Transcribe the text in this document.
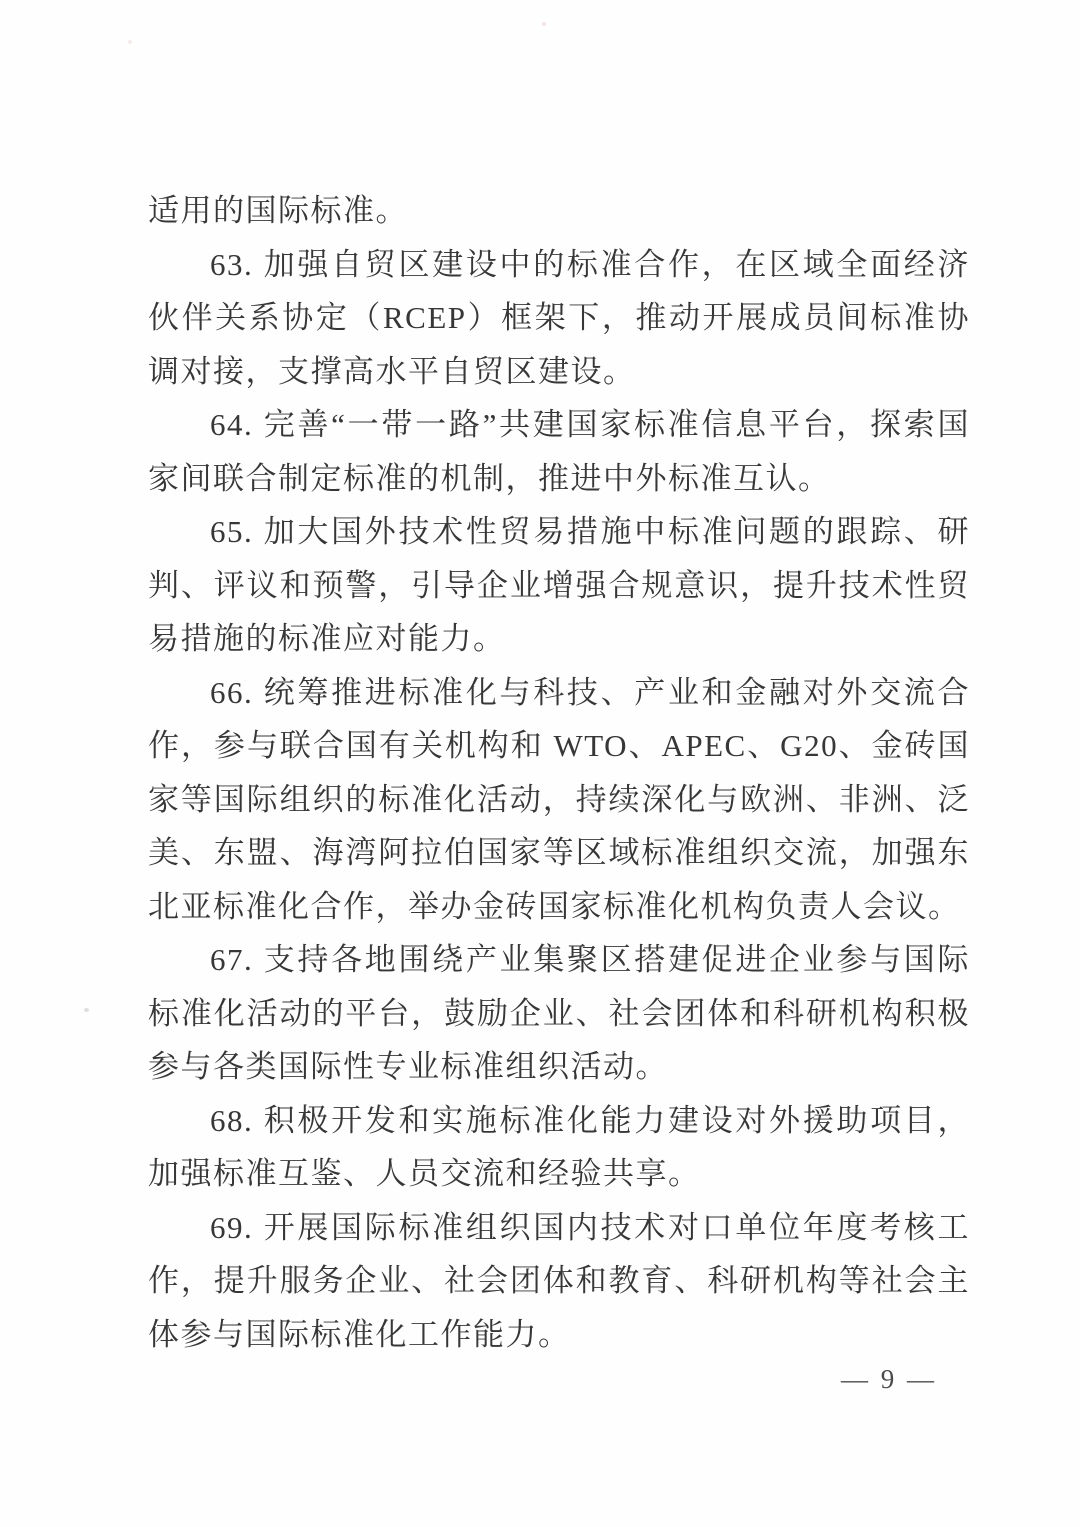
适用的国际标准。

63. 加强自贸区建设中的标准合作，在区域全面经济伙伴关系协定（RCEP）框架下，推动开展成员间标准协调对接，支撑高水平自贸区建设。

64. 完善“一带一路”共建国家标准信息平台，探索国家间联合制定标准的机制，推进中外标准互认。

65. 加大国外技术性贸易措施中标准问题的跟踪、研判、评议和预警，引导企业增强合规意识，提升技术性贸易措施的标准应对能力。

66. 统筹推进标准化与科技、产业和金融对外交流合作，参与联合国有关机构和 WTO、APEC、G20、金砖国家等国际组织的标准化活动，持续深化与欧洲、非洲、泛美、东盟、海湾阿拉伯国家等区域标准组织交流，加强东北亚标准化合作，举办金砖国家标准化机构负责人会议。

67. 支持各地围绕产业集聚区搭建促进企业参与国际标准化活动的平台，鼓励企业、社会团体和科研机构积极参与各类国际性专业标准组织活动。

68. 积极开发和实施标准化能力建设对外援助项目，加强标准互鉴、人员交流和经验共享。

69. 开展国际标准组织国内技术对口单位年度考核工作，提升服务企业、社会团体和教育、科研机构等社会主体参与国际标准化工作能力。

— 9 —
